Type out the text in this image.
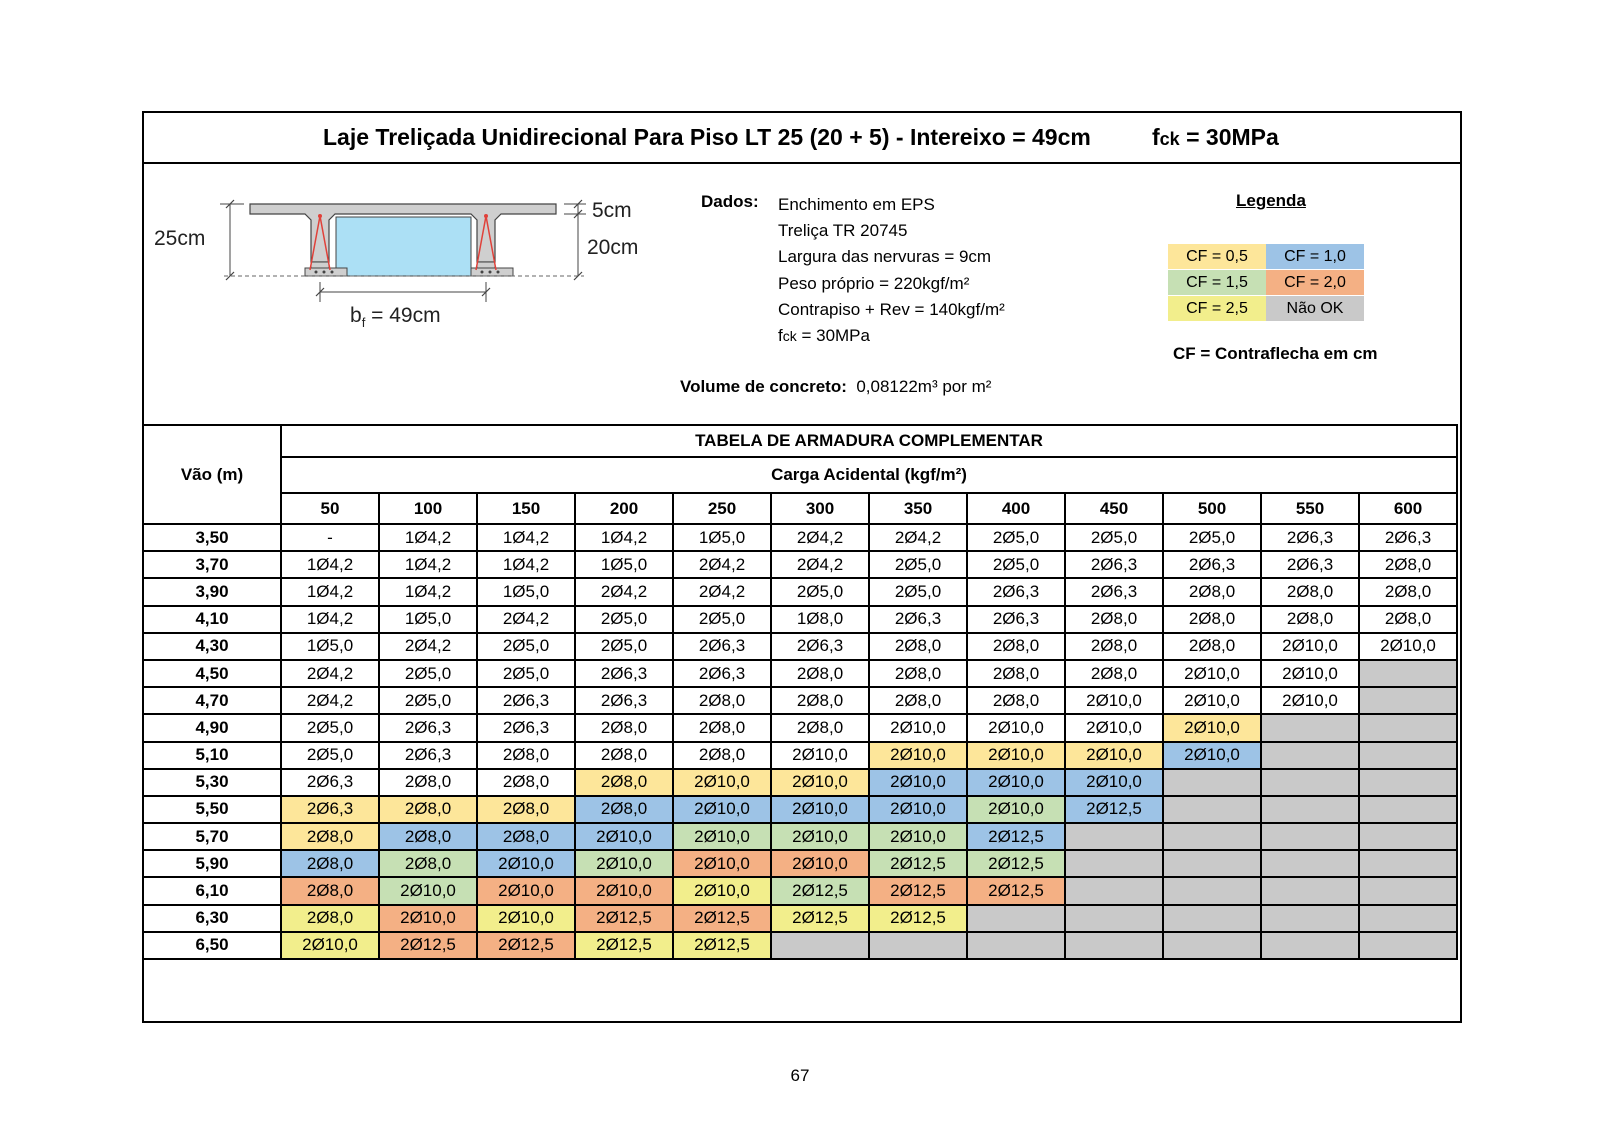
Laje Treliçada Unidirecional Para Piso LT 25 (20 + 5) - Intereixo = 49cm	fck = 30MPa
25cm
5cm
20cm
$b_f = 49cm$
Dados: Enchimento em EPS
Treliça TR 20745
Largura das nervuras = 9cm
Peso próprio = 220kgf/m²
Contrapiso + Rev = 140kgf/m²
fck = 30MPa
Volume de concreto: 0,08122m³ por m²
Legenda
CF = 0,5	CF = 1,0
CF = 1,5	CF = 2,0
CF = 2,5	Não OK
CF = Contraflecha em cm
Vão (m)	TABELA DE ARMADURA COMPLEMENTAR											
	Carga Acidental (kgf/m²)											
	50	100	150	200	250	300	350	400	450	500	550	600
3,50	-	1Ø4,2	1Ø4,2	1Ø4,2	1Ø5,0	2Ø4,2	2Ø4,2	2Ø5,0	2Ø5,0	2Ø5,0	2Ø6,3	2Ø6,3
3,70	1Ø4,2	1Ø4,2	1Ø4,2	1Ø5,0	2Ø4,2	2Ø4,2	2Ø5,0	2Ø5,0	2Ø6,3	2Ø6,3	2Ø6,3	2Ø8,0
3,90	1Ø4,2	1Ø4,2	1Ø5,0	2Ø4,2	2Ø4,2	2Ø5,0	2Ø5,0	2Ø6,3	2Ø6,3	2Ø8,0	2Ø8,0	2Ø8,0
4,10	1Ø4,2	1Ø5,0	2Ø4,2	2Ø5,0	2Ø5,0	1Ø8,0	2Ø6,3	2Ø6,3	2Ø8,0	2Ø8,0	2Ø8,0	2Ø8,0
4,30	1Ø5,0	2Ø4,2	2Ø5,0	2Ø5,0	2Ø6,3	2Ø6,3	2Ø8,0	2Ø8,0	2Ø8,0	2Ø8,0	2Ø10,0	2Ø10,0
4,50	2Ø4,2	2Ø5,0	2Ø5,0	2Ø6,3	2Ø6,3	2Ø8,0	2Ø8,0	2Ø8,0	2Ø8,0	2Ø10,0	2Ø10,0	
4,70	2Ø4,2	2Ø5,0	2Ø6,3	2Ø6,3	2Ø8,0	2Ø8,0	2Ø8,0	2Ø8,0	2Ø10,0	2Ø10,0	2Ø10,0	
4,90	2Ø5,0	2Ø6,3	2Ø6,3	2Ø8,0	2Ø8,0	2Ø8,0	2Ø10,0	2Ø10,0	2Ø10,0	2Ø10,0		
5,10	2Ø5,0	2Ø6,3	2Ø8,0	2Ø8,0	2Ø8,0	2Ø10,0	2Ø10,0	2Ø10,0	2Ø10,0	2Ø10,0		
5,30	2Ø6,3	2Ø8,0	2Ø8,0	2Ø8,0	2Ø10,0	2Ø10,0	2Ø10,0	2Ø10,0	2Ø10,0			
5,50	2Ø6,3	2Ø8,0	2Ø8,0	2Ø8,0	2Ø10,0	2Ø10,0	2Ø10,0	2Ø10,0	2Ø12,5			
5,70	2Ø8,0	2Ø8,0	2Ø8,0	2Ø10,0	2Ø10,0	2Ø10,0	2Ø10,0	2Ø12,5				
5,90	2Ø8,0	2Ø8,0	2Ø10,0	2Ø10,0	2Ø10,0	2Ø10,0	2Ø12,5	2Ø12,5				
6,10	2Ø8,0	2Ø10,0	2Ø10,0	2Ø10,0	2Ø10,0	2Ø12,5	2Ø12,5	2Ø12,5				
6,30	2Ø8,0	2Ø10,0	2Ø10,0	2Ø12,5	2Ø12,5	2Ø12,5	2Ø12,5					
6,50	2Ø10,0	2Ø12,5	2Ø12,5	2Ø12,5	2Ø12,5							
67
